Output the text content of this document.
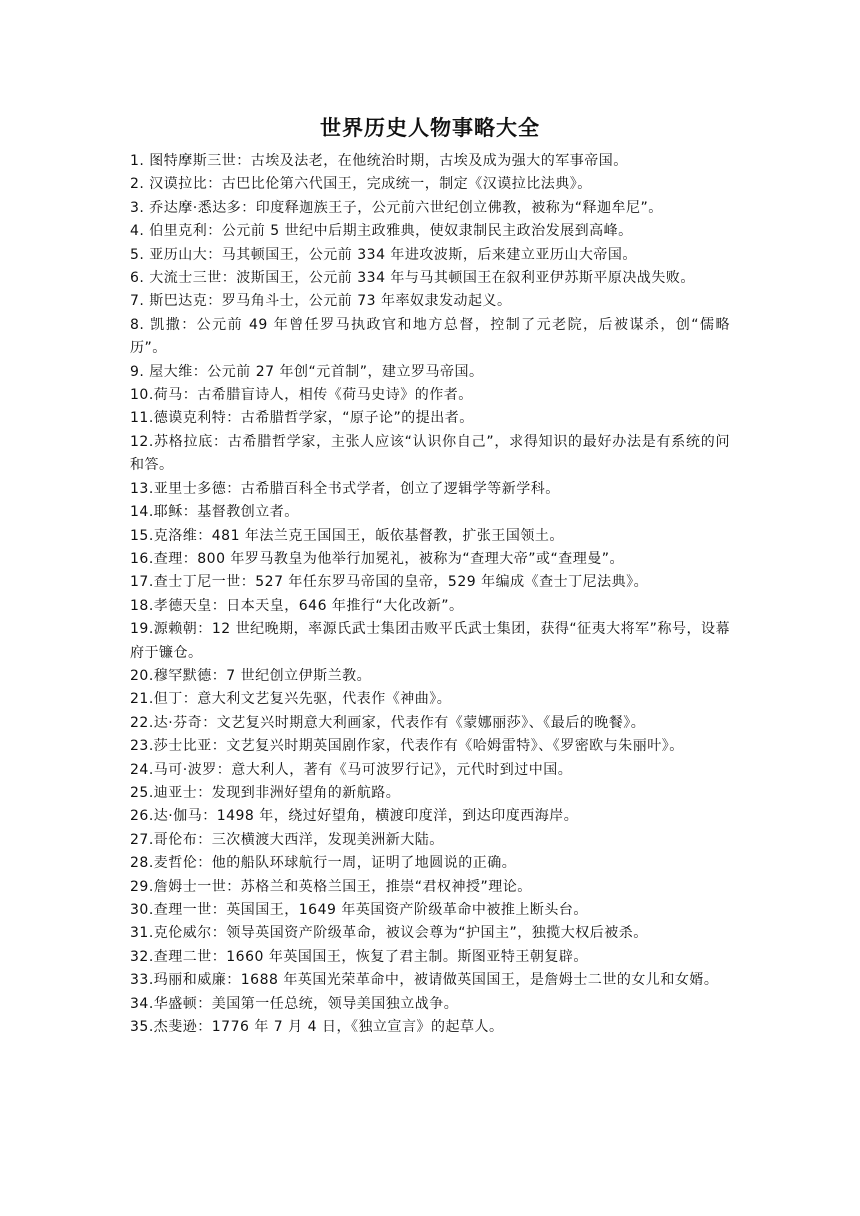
世界历史人物事略大全
1. 图特摩斯三世：古埃及法老，在他统治时期，古埃及成为强大的军事帝国。
2. 汉谟拉比：古巴比伦第六代国王，完成统一，制定《汉谟拉比法典》。
3. 乔达摩·悉达多：印度释迦族王子，公元前六世纪创立佛教，被称为“释迦牟尼”。
4. 伯里克利：公元前 5 世纪中后期主政雅典，使奴隶制民主政治发展到高峰。
5. 亚历山大：马其顿国王，公元前 334 年进攻波斯，后来建立亚历山大帝国。
6. 大流士三世：波斯国王，公元前 334 年与马其顿国王在叙利亚伊苏斯平原决战失败。
7. 斯巴达克：罗马角斗士，公元前 73 年率奴隶发动起义。
8. 凯撒：公元前 49 年曾任罗马执政官和地方总督，控制了元老院，后被谋杀，创“儒略历”。
9. 屋大维：公元前 27 年创“元首制”，建立罗马帝国。
10.荷马：古希腊盲诗人，相传《荷马史诗》的作者。
11.德谟克利特：古希腊哲学家，“原子论”的提出者。
12.苏格拉底：古希腊哲学家，主张人应该“认识你自己”，求得知识的最好办法是有系统的问和答。
13.亚里士多德：古希腊百科全书式学者，创立了逻辑学等新学科。
14.耶稣：基督教创立者。
15.克洛维：481 年法兰克王国国王，皈依基督教，扩张王国领土。
16.查理：800 年罗马教皇为他举行加冕礼，被称为“查理大帝”或“查理曼”。
17.查士丁尼一世：527 年任东罗马帝国的皇帝，529 年编成《查士丁尼法典》。
18.孝德天皇：日本天皇，646 年推行“大化改新”。
19.源赖朝：12 世纪晚期，率源氏武士集团击败平氏武士集团，获得“征夷大将军”称号，设幕府于镰仓。
20.穆罕默德：7 世纪创立伊斯兰教。
21.但丁：意大利文艺复兴先驱，代表作《神曲》。
22.达·芬奇：文艺复兴时期意大利画家，代表作有《蒙娜丽莎》、《最后的晚餐》。
23.莎士比亚：文艺复兴时期英国剧作家，代表作有《哈姆雷特》、《罗密欧与朱丽叶》。
24.马可·波罗：意大利人，著有《马可波罗行记》，元代时到过中国。
25.迪亚士：发现到非洲好望角的新航路。
26.达·伽马：1498 年，绕过好望角，横渡印度洋，到达印度西海岸。
27.哥伦布：三次横渡大西洋，发现美洲新大陆。
28.麦哲伦：他的船队环球航行一周，证明了地圆说的正确。
29.詹姆士一世：苏格兰和英格兰国王，推崇“君权神授”理论。
30.查理一世：英国国王，1649 年英国资产阶级革命中被推上断头台。
31.克伦威尔：领导英国资产阶级革命，被议会尊为“护国主”，独揽大权后被杀。
32.查理二世：1660 年英国国王，恢复了君主制。斯图亚特王朝复辟。
33.玛丽和威廉：1688 年英国光荣革命中，被请做英国国王，是詹姆士二世的女儿和女婿。
34.华盛顿：美国第一任总统，领导美国独立战争。
35.杰斐逊：1776 年 7 月 4 日，《独立宣言》的起草人。
